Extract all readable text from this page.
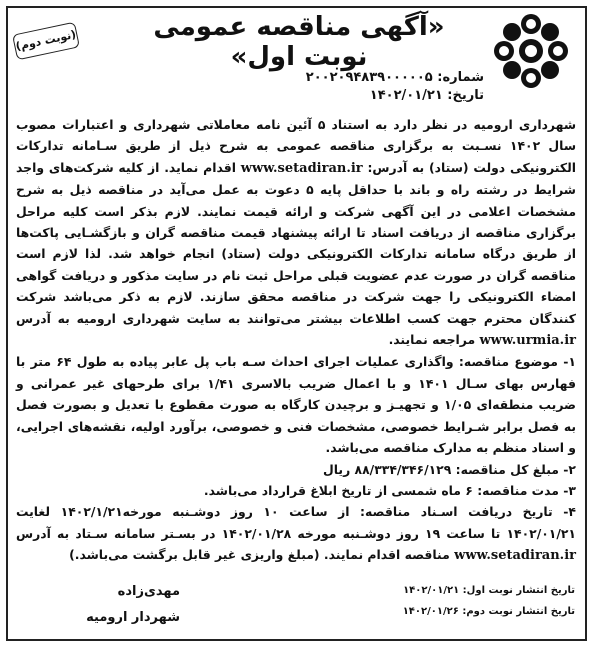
«آگهی مناقصه عمومی نوبت اول»
(نوبت دوم)
شماره: ۲۰۰۲۰۹۴۸۳۹۰۰۰۰۰۵
تاریخ: ۱۴۰۲/۰۱/۲۱

شهرداری ارومیه در نظر دارد به استناد ۵ آئین نامه معاملاتی شهرداری و اعتبارات مصوب سال ۱۴۰۲ نسـبت به برگزاری مناقصه عمومی به شرح ذیل از طریق سـامانه تدارکات الکترونیکی دولت (ستاد) به آدرس: www.setadiran.ir اقدام نماید. از کلیه شرکت‌های واجد شرایط در رشته راه و باند با حداقل پایه ۵ دعوت به عمل می‌آید در مناقصه ذیل به شرح مشخصات اعلامی در این آگهی شرکت و ارائه قیمت نمایند. لازم بذکر است کلیه مراحل برگزاری مناقصه از دریافت اسناد تا ارائه پیشنهاد قیمت مناقصه گران و بازگشـایی پاکت‌ها از طریق درگاه سامانه تدارکات الکترونیکی دولت (ستاد) انجام خواهد شد. لذا لازم است مناقصه گران در صورت عدم عضویت قبلی مراحل ثبت نام در سایت مذکور و دریافت گواهی امضاء الکترونیکی را جهت شرکت در مناقصه محقق سازند. لازم به ذکر می‌باشد شرکت کنندگان محترم جهت کسب اطلاعات بیشتر می‌توانند به سایت شهرداری ارومیه به آدرس www.urmia.ir مراجعه نمایند.

۱- موضوع مناقصه: واگذاری عملیات اجرای احداث سـه باب پل عابر پیاده به طول ۶۴ متر با فهارس بهای سـال ۱۴۰۱ و با اعمال ضریب بالاسری ۱/۴۱ برای طرحهای غیر عمرانی و ضریب منطقه‌ای ۱/۰۵ و تجهیـز و برچیدن کارگاه به صورت مقطوع با تعدیل و بصورت فصل به فصل برابر شـرایط خصوصی، مشخصات فنی و خصوصی، برآورد اولیه، نقشه‌های اجرایی، و اسناد منظم به مدارک مناقصه می‌باشد.

۲- مبلغ کل مناقصه: ۸۸/۳۳۴/۳۴۶/۱۲۹ ریال

۳- مدت مناقصه: ۶ ماه شمسی از تاریخ ابلاغ قرارداد می‌باشد.

۴- تاریخ دریافت اسـناد مناقصه: از ساعت ۱۰ روز دوشـنبه مورخه۱۴۰۲/۱/۲۱ لغایت ۱۴۰۲/۰۱/۲۱ تا ساعت ۱۹ روز دوشـنبه مورخه ۱۴۰۲/۰۱/۲۸ در بسـتر سامانه سـتاد به آدرس www.setadiran.ir مناقصه اقدام نمایند. (مبلغ واریزی غیر قابل برگشت می‌باشد.)

تاریخ انتشار نوبت اول: ۱۴۰۲/۰۱/۲۱
تاریخ انتشار نوبت دوم: ۱۴۰۲/۰۱/۲۶
مهدی‌زاده
شهردار ارومیه
